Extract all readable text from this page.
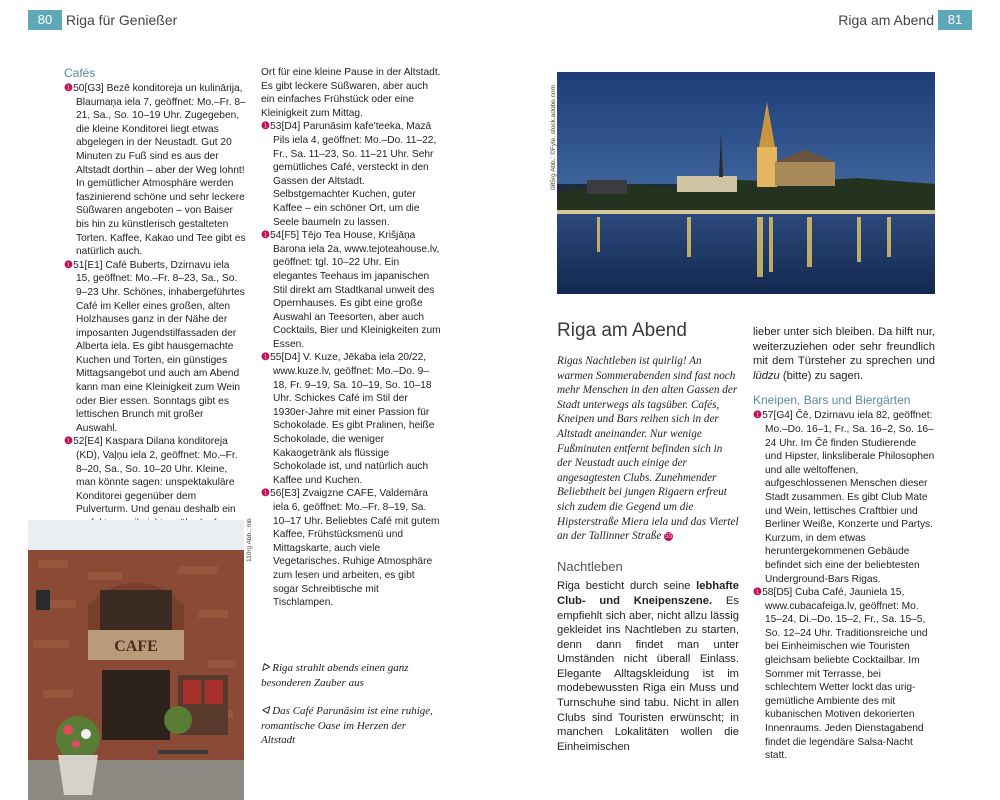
80 Riga für Genießer	Riga am Abend	81

Cafés

❶50[G3] Bezē konditoreja un kulinārija, Blaumaņa iela 7, geöffnet: Mo.–Fr. 8–21, Sa., So. 10–19 Uhr. Zugegeben, die kleine Konditorei liegt etwas abgelegen in der Neustadt. Gut 20 Minuten zu Fuß sind es aus der Altstadt dorthin – aber der Weg lohnt! In gemütlicher Atmosphäre werden faszinierend schöne und sehr leckere Süßwaren angeboten – von Baiser bis hin zu künstlerisch gestalteten Torten. Kaffee, Kakao und Tee gibt es natürlich auch.

❶51[E1] Café Buberts, Dzirnavu iela 15, geöffnet: Mo.–Fr. 8–23, Sa., So. 9–23 Uhr. Schönes, inhabergeführtes Café im Keller eines großen, alten Holzhauses ganz in der Nähe der imposanten Jugendstilfassaden der Alberta iela. Es gibt hausgemachte Kuchen und Torten, ein günstiges Mittagsangebot und auch am Abend kann man eine Kleinigkeit zum Wein oder Bier essen. Sonntags gibt es lettischen Brunch mit großer Auswahl.

❶52[E4] Kaspara Dilana konditoreja (KD), Vaļņu iela 2, geöffnet: Mo.–Fr. 8–20, Sa., So. 10–20 Uhr. Kleine, man könnte sagen: unspektakuläre Konditorei gegenüber dem Pulverturm. Und genau deshalb ein

Ort für eine kleine Pause in der Altstadt. Es gibt leckere Süßwaren, aber auch ein einfaches Frühstück oder eine Kleinigkeit zum Mittag.

❶53[D4] Parunāsim kafe'teeka, Mazā Pils iela 4, geöffnet: Mo.–Do. 11–22, Fr., Sa. 11–23, So. 11–21 Uhr. Sehr gemütliches Café, versteckt in den Gassen der Altstadt. Selbstgemachter Kuchen, guter Kaffee – ein schöner Ort, um die Seele baumeln zu lassen.

❶54[F5] Tējo Tea House, Krišjāņa Barona iela 2a, www.tejoteahouse.lv, geöffnet: tgl. 10–22 Uhr. Ein elegantes Teehaus im japanischen Stil direkt am Stadtkanal unweit des Opernhauses. Es gibt eine große Auswahl an Teesorten, aber auch Cocktails, Bier und Kleinigkeiten zum Essen.

❶55[D4] V. Kuze, Jēkaba iela 20/22, www.kuze.lv, geöffnet: Mo.–Do. 9–18, Fr. 9–19, Sa. 10–19, So. 10–18 Uhr. Schickes Café im Stil der 1930er-Jahre mit einer Passion für Schokolade. Es gibt Pralinen, heiße Schokolade, die weniger Kakaogetränk als flüssige Schokolade ist, und natürlich auch Kaffee und Kuchen.

❶56[E3] Zvaigzne CAFE, Valdemāra iela 6, geöffnet: Mo.–Fr. 8–19, Sa. 10–17 Uhr. Beliebtes Café mit gutem Kaffee, Frühstücksmenü und Mittagskarte, auch viele Vegetarisches. Ruhige Atmosphäre zum lesen und arbeiten, es gibt sogar Schreibtische mit Tischlampen.

CAFE
110rg Abb.: mb
ᐅ Riga strahlt abends einen ganz besonderen Zauber aus
ᐊ Das Café Parunāsim ist eine ruhige, romantische Oase im Herzen der Altstadt
085rg Abb.: ©Fyle, stock.adobe.com
Riga am Abend

Rigas Nachtleben ist quirlig! An warmen Sommerabenden sind fast noch mehr Menschen in den alten Gassen der Stadt unterwegs als tagsüber. Cafés, Kneipen und Bars reihen sich in der Altstadt aneinander. Nur wenige Fußminuten entfernt befinden sich in der Neustadt auch einige der angesagtesten Clubs. Zunehmender Beliebtheit bei jungen Rigaern erfreut sich zudem die Gegend um die Hipsterstraße Miera iela und das Viertel an der Tallinner Straße 55

Nachtleben

Riga besticht durch seine lebhafte Club- und Kneipenszene. Es empfiehlt sich aber, nicht allzu lässig gekleidet ins Nachtleben zu starten, denn dann findet man unter Umständen nicht überall Einlass. Elegante Alltagskleidung ist im modebewussten Riga ein Muss und Turnschuhe sind tabu. Nicht in allen Clubs sind Touristen erwünscht; in manchen Lokalitäten wollen die Einheimischen

lieber unter sich bleiben. Da hilft nur, weiterzuziehen oder sehr freundlich mit dem Türsteher zu sprechen und lūdzu (bitte) zu sagen.

Kneipen, Bars und Biergärten

❶57[G4] Čē, Dzirnavu iela 82, geöffnet: Mo.–Do. 16–1, Fr., Sa. 16–2, So. 16–24 Uhr. Im Čē finden Studierende und Hipster, linksliberale Philosophen und alle weltoffenen, aufgeschlossenen Menschen dieser Stadt zusammen. Es gibt Club Mate und Wein, lettisches Craftbier und Berliner Weiße, Konzerte und Partys. Kurzum, in dem etwas heruntergekommenen Gebäude befindet sich eine der beliebtesten Underground-Bars Rigas.

❶58[D5] Cuba Café, Jauniela 15, www.cubacafeiga.lv, geöffnet: Mo. 15–24, Di.–Do. 15–2, Fr., Sa. 15–5, So. 12–24 Uhr. Traditionsreiche und bei Einheimischen wie Touristen gleichsam beliebte Cocktailbar. Im Sommer mit Terrasse, bei schlechtem Wetter lockt das urig-gemütliche Ambiente des mit kubanischen Motiven dekorierten Innenraums. Jeden Dienstagabend findet die legendäre Salsa-Nacht statt.
